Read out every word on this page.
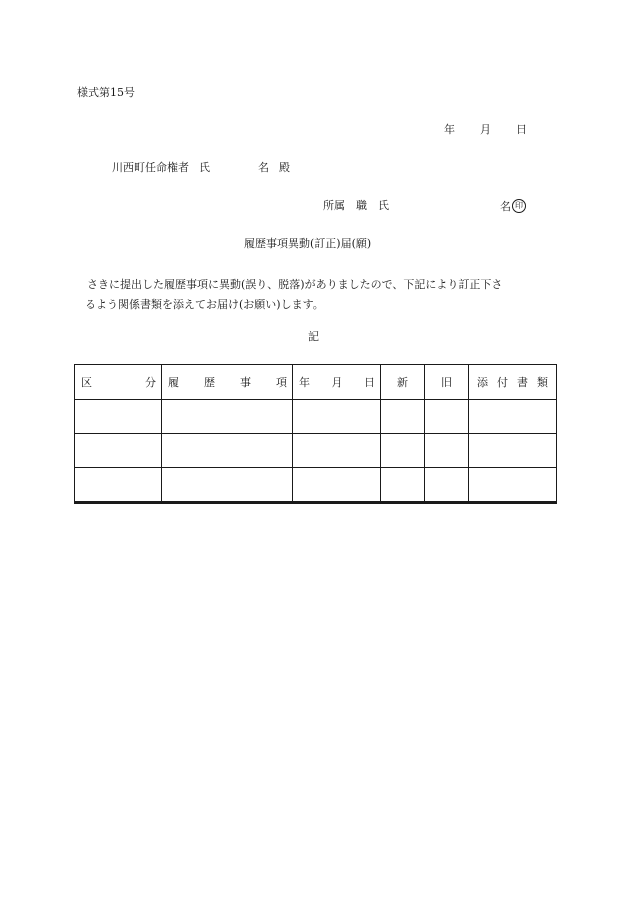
様式第15号
年 月 日
川西町任命権者 氏	名 殿
所属 職 氏	名 印
履歴事項異動(訂正)届(願)
さきに提出した履歴事項に異動(誤り、脱落)がありましたので、下記により訂正下さ
るよう関係書類を添えてお届け(お願い)します。
記
区 分	履 歴 事 項	年 月 日	新	旧	添 付 書 類
